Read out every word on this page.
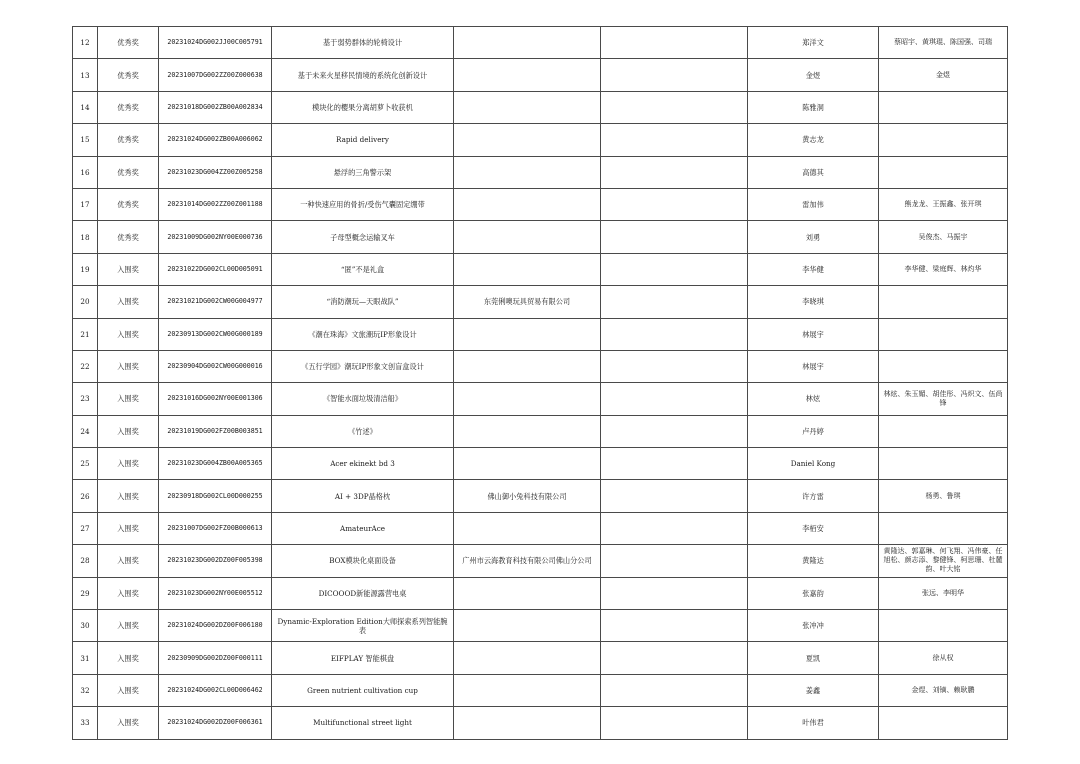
12	优秀奖	20231024DG002JJ00C005791	基于弱势群体的轮椅设计			郑洋文	蔡昭宇、黄琪琨、陈国强、司瑞
13	优秀奖	20231007DG002ZZ00Z000638	基于未来火星移民情境的系统化创新设计			金煜	金煜
14	优秀奖	20231018DG002ZB00A002834	模块化的樱果分离胡萝卜收获机			陈雅洞	
15	优秀奖	20231024DG002ZB00A006062	Rapid delivery			黄志龙	
16	优秀奖	20231023DG004ZZ00Z005258	悬浮的三角警示架			高德其	
17	优秀奖	20231014DG002ZZ00Z001188	一种快速应用的骨折/受伤气囊固定绷带			雷加伟	熊龙龙、王振鑫、张开琪
18	优秀奖	20231009DG002NY00E000736	子母型概念运输叉车			刘勇	吴俊杰、马振宇
19	入围奖	20231022DG002CL00D005091	“匿”不是礼盒			李华健	李华健、梁庭辉、林灼华
20	入围奖	20231021DG002CW00G004977	“消防潮玩—天眼战队”	东莞俐噢玩具贸易有限公司		李晓琪	
21	入围奖	20230913DG002CW00G000189	《潮在珠海》文旅潮玩IP形象设计			林展宇	
22	入围奖	20230904DG002CW00G000016	《五行学园》潮玩IP形象文创盲盒设计			林展宇	
23	入围奖	20231016DG002NY00E001306	《智能水面垃圾清洁船》			林炫	林炫、朱玉媚、胡佳彤、冯炽文、伍尚锋
24	入围奖	20231019DG002FZ00B003851	《竹述》			卢丹婷	
25	入围奖	20231023DG004ZB00A005365	Acer ekinekt bd 3			Daniel Kong	
26	入围奖	20230918DG002CL00D000255	AI + 3DP晶格枕	佛山御小兔科技有限公司		许方雷	杨勇、鲁琪
27	入围奖	20231007DG002FZ00B000613	AmateurAce			李栢安	
28	入围奖	20231023DG002DZ00F005398	BOX模块化桌面设备	广州市云海教育科技有限公司佛山分公司		黄隆达	黄隆达、郭嘉琳、何飞翔、冯伟豪、任旭松、颜志添、黎健锋、柯思珊、杜麓韵、叶大铭
29	入围奖	20231023DG002NY00E005512	DICOOOD新能源露营电桌			张嘉韵	张远、李明华
30	入围奖	20231024DG002DZ00F006180	Dynamic-Exploration Edition大师探索系列智能腕表			张冲冲	
31	入围奖	20230909DG002DZ00F000111	EIFPLAY 智能棋盘			夏凯	徐从权
32	入围奖	20231024DG002CL00D006462	Green nutrient cultivation cup			姜鑫	金煜、刘镝、赖耿鹏
33	入围奖	20231024DG002DZ00F006361	Multifunctional street light			叶伟君	
